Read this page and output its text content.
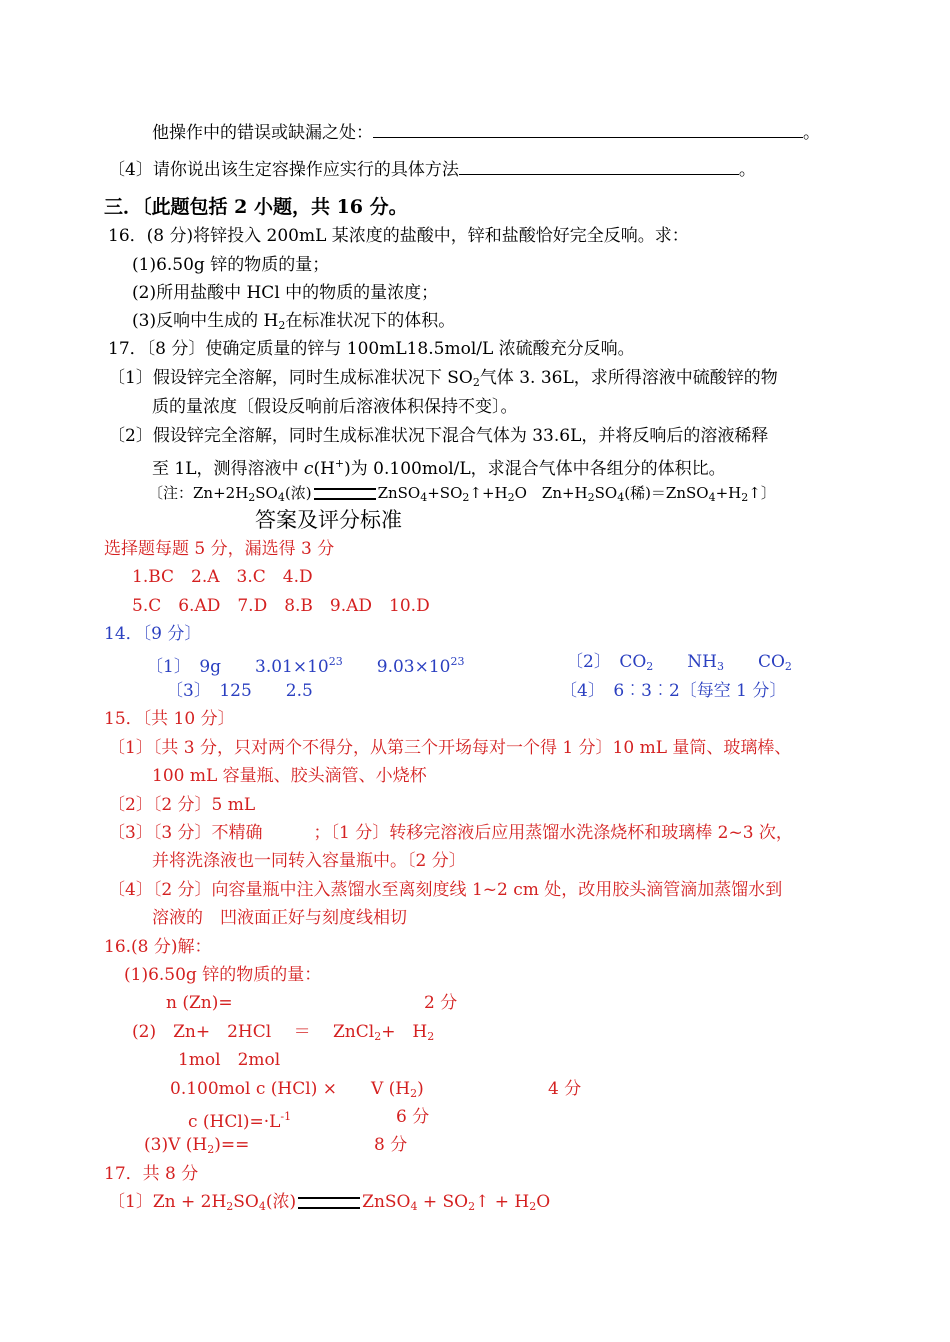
他操作中的错误或缺漏之处：	。
〔4〕请你说出该生定容操作应实行的具体方法	。
三．〔此题包括 2 小题，共 16 分。
16．(8 分)将锌投入 200mL 某浓度的盐酸中，锌和盐酸恰好完全反响。求：
(1)6.50g 锌的物质的量；
(2)所用盐酸中 HCl 中的物质的量浓度；
(3)反响中生成的 $H_2$在标准状况下的体积。
17．〔8 分〕使确定质量的锌与 100mL18.5mol/L 浓硫酸充分反响。
〔1〕假设锌完全溶解，同时生成标准状况下 $SO_2$气体 3. 36L，求所得溶液中硫酸锌的物
质的量浓度〔假设反响前后溶液体积保持不变〕。
〔2〕假设锌完全溶解，同时生成标准状况下混合气体为 33.6L，并将反响后的溶液稀释
至 1L，测得溶液中 c(H+)为 0.100mol/L，求混合气体中各组分的体积比。
〔注：$Zn+2H_2SO_4$(浓)	$ZnSO_4+SO_2↑+H_2O$　$Zn+H_2SO_4$(稀)$=ZnSO_4+H_2↑$〕
答案及评分标准
选择题每题 5 分，漏选得 3 分
1.BC　2.A　3.C　4.D
5.C　6.AD　7.D　8.B　9.AD　10.D
14．〔9 分〕
〔1〕　9g　　$3.01\times 10^{23}$　　$9.03\times 10^{23}$	〔2〕　$CO_2$　　$NH_3$　　$CO_2$
〔3〕　125　　2.5	〔4〕　6︰3︰2〔每空 1 分〕
15．〔共 10 分〕
〔1〕〔共 3 分，只对两个不得分，从第三个开场每对一个得 1 分〕10 mL 量筒、玻璃棒、
100 mL 容量瓶、胶头滴管、小烧杯
〔2〕〔2 分〕5 mL
〔3〕〔3 分〕不精确　　　；〔1 分〕转移完溶液后应用蒸馏水洗涤烧杯和玻璃棒 2~3 次，
并将洗涤液也一同转入容量瓶中。〔2 分〕
〔4〕〔2 分〕向容量瓶中注入蒸馏水至离刻度线 1~2 cm 处，改用胶头滴管滴加蒸馏水到
溶液的　凹液面正好与刻度线相切
16.(8 分)解：
(1)6.50g 锌的物质的量：
n (Zn)=	2 分
(2)　Zn+　2HCl　 ＝　 ZnCl$_2$+　$H_2$
1mol　2mol
0.100mol c (HCl) ×　　V $(H_2)$	4 分
c $(HCl)=\cdot L^{-1}$	6 分
(3)V $(H_2)==$	8 分
17．共 8 分
〔1〕$Zn + 2H_2SO_4$(浓)	ZnSO$_4$ + $SO_2↑ + H_2O$
